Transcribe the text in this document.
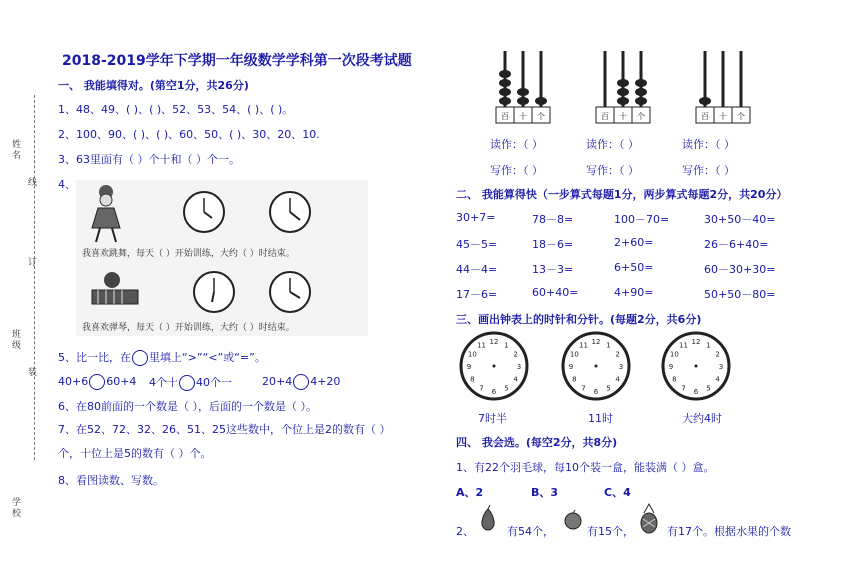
姓名
线
订
班级
装
学校
2018-2019学年下学期一年级数学学科第一次段考试题
一、 我能填得对。(第空1分，共26分)
1、48、49、( )、( )、52、53、54、( )、( )。
2、100、90、( )、( )、60、50、( )、30、20、10.
3、63里面有（ ）个十和（ ）个一。
4、
我喜欢跳舞，每天（ ）开始训练，大约（ ）时结束。
我喜欢弹琴，每天（ ）开始训练，大约（ ）时结束。
5、比一比，在 里填上“>”“<”或“=”。
40+6 60+4 4个十 40个一	20+4 4+20
6、在80前面的一个数是（ ），后面的一个数是（ ）。
7、在52、72、32、26、51、25这些数中，个位上是2的数有（ ）
个，十位上是5的数有（ ）个。
8、看图读数、写数。
百 十 个	百 十 个	百 十 个
读作：（ ）	读作：（ ）	读作：（ ）
写作：（ ）	写作：（ ）	写作：（ ）
二、 我能算得快（一步算式每题1分，两步算式每题2分，共20分）
30+7=	78－8=	100－70=	30+50－40=
45－5=	18－6=	2+60=	26－6+40=
44－4=	13－3=	6+50=	60－30+30=
17－6=	60+40=	4+90=	50+50－80=
三、画出钟表上的时针和分针。(每题2分，共6分)
1
2
3
4
5
6
7
8
9
10
11 12	1
2
3
4
5
6
7
8
9
10
11 12	1
2
3
4
5
6
7
8
9
10
11 12
7时半	11时	大约4时
四、 我会选。(每空2分，共8分)
1、有22个羽毛球，每10个装一盒，能装满（ ）盒。
A、2	B、3	C、4
2、	有54个，	有15个，	有17个。根据水果的个数
